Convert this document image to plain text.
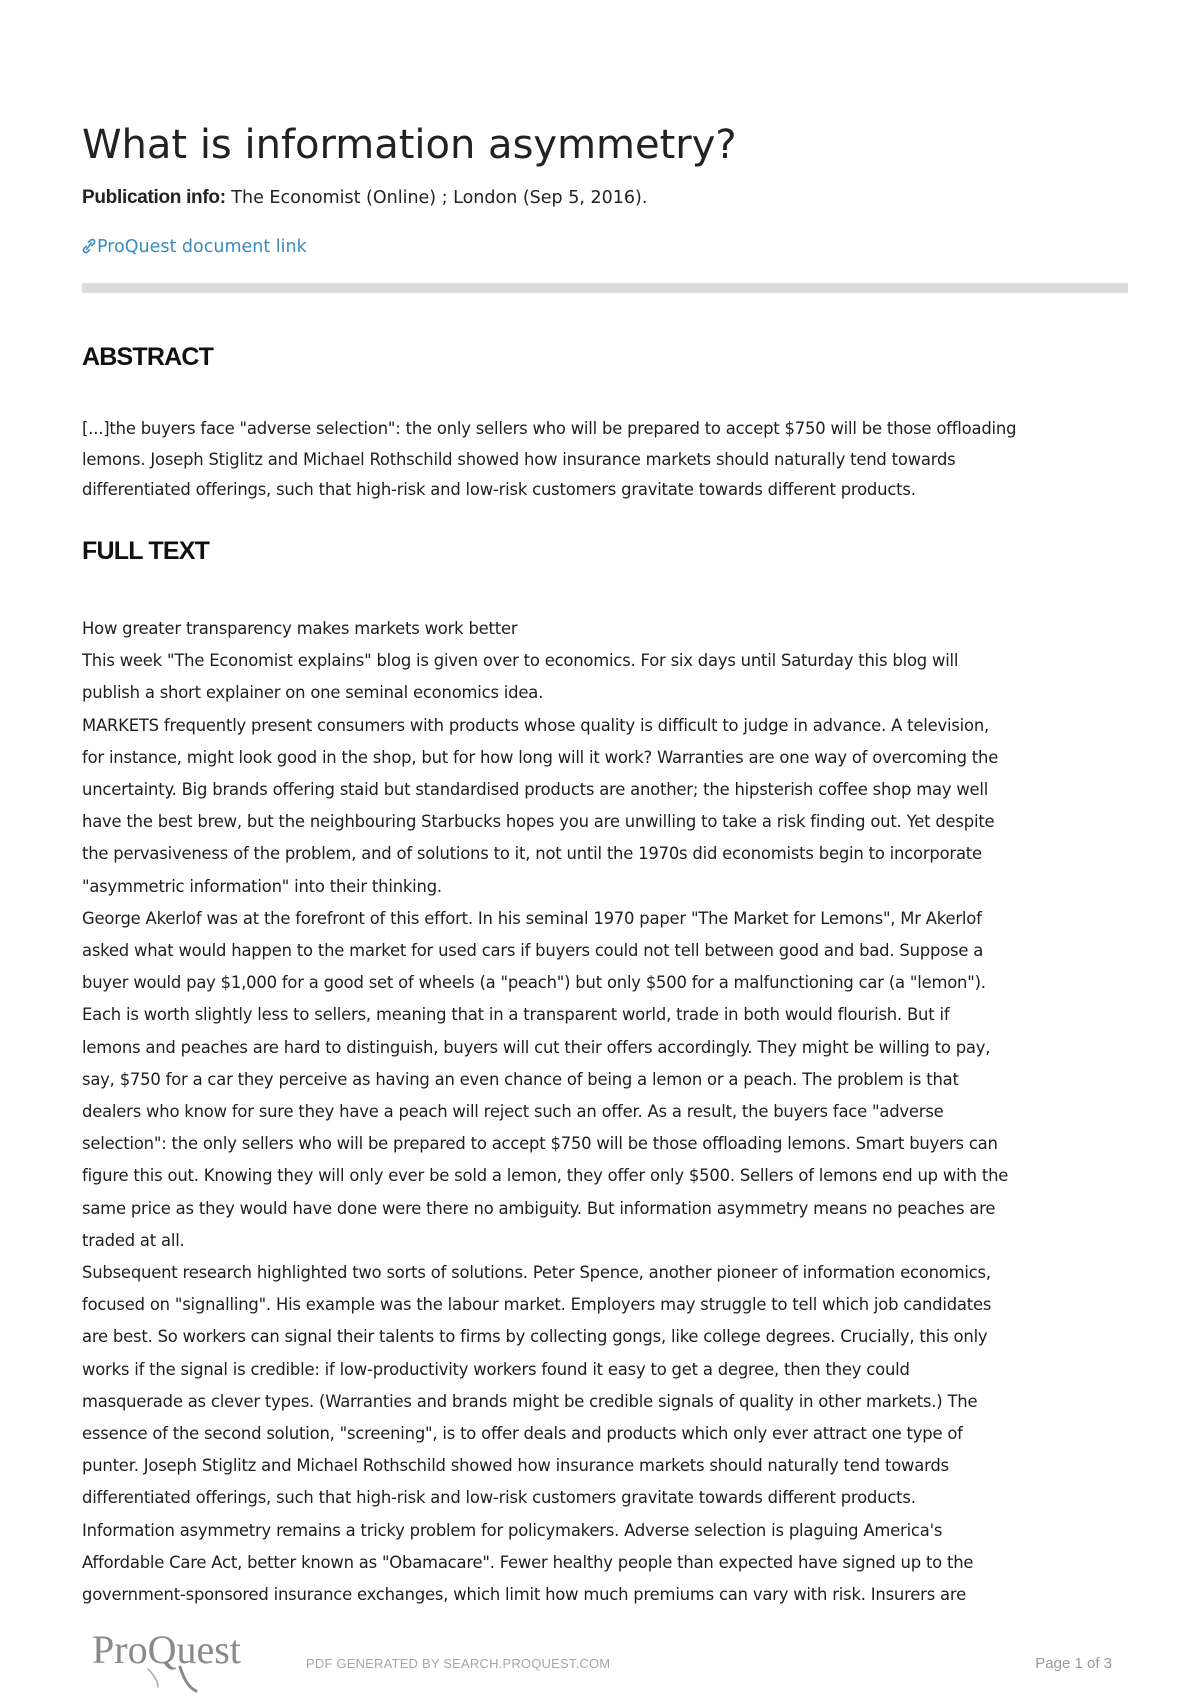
What is information asymmetry?
Publication info: The Economist (Online) ; London (Sep 5, 2016).
ProQuest document link
ABSTRACT
[...]the buyers face "adverse selection": the only sellers who will be prepared to accept $750 will be those offloading
lemons. Joseph Stiglitz and Michael Rothschild showed how insurance markets should naturally tend towards
differentiated offerings, such that high-risk and low-risk customers gravitate towards different products.
FULL TEXT
How greater transparency makes markets work better
This week "The Economist explains" blog is given over to economics. For six days until Saturday this blog will
publish a short explainer on one seminal economics idea.
MARKETS frequently present consumers with products whose quality is difficult to judge in advance. A television,
for instance, might look good in the shop, but for how long will it work? Warranties are one way of overcoming the
uncertainty. Big brands offering staid but standardised products are another; the hipsterish coffee shop may well
have the best brew, but the neighbouring Starbucks hopes you are unwilling to take a risk finding out. Yet despite
the pervasiveness of the problem, and of solutions to it, not until the 1970s did economists begin to incorporate
"asymmetric information" into their thinking.
George Akerlof was at the forefront of this effort. In his seminal 1970 paper "The Market for Lemons", Mr Akerlof
asked what would happen to the market for used cars if buyers could not tell between good and bad. Suppose a
buyer would pay $1,000 for a good set of wheels (a "peach") but only $500 for a malfunctioning car (a "lemon").
Each is worth slightly less to sellers, meaning that in a transparent world, trade in both would flourish. But if
lemons and peaches are hard to distinguish, buyers will cut their offers accordingly. They might be willing to pay,
say, $750 for a car they perceive as having an even chance of being a lemon or a peach. The problem is that
dealers who know for sure they have a peach will reject such an offer. As a result, the buyers face "adverse
selection": the only sellers who will be prepared to accept $750 will be those offloading lemons. Smart buyers can
figure this out. Knowing they will only ever be sold a lemon, they offer only $500. Sellers of lemons end up with the
same price as they would have done were there no ambiguity. But information asymmetry means no peaches are
traded at all.
Subsequent research highlighted two sorts of solutions. Peter Spence, another pioneer of information economics,
focused on "signalling". His example was the labour market. Employers may struggle to tell which job candidates
are best. So workers can signal their talents to firms by collecting gongs, like college degrees. Crucially, this only
works if the signal is credible: if low-productivity workers found it easy to get a degree, then they could
masquerade as clever types. (Warranties and brands might be credible signals of quality in other markets.) The
essence of the second solution, "screening", is to offer deals and products which only ever attract one type of
punter. Joseph Stiglitz and Michael Rothschild showed how insurance markets should naturally tend towards
differentiated offerings, such that high-risk and low-risk customers gravitate towards different products.
Information asymmetry remains a tricky problem for policymakers. Adverse selection is plaguing America's
Affordable Care Act, better known as "Obamacare". Fewer healthy people than expected have signed up to the
government-sponsored insurance exchanges, which limit how much premiums can vary with risk. Insurers are
ProQuest	PDF GENERATED BY SEARCH.PROQUEST.COM	Page 1 of 3
